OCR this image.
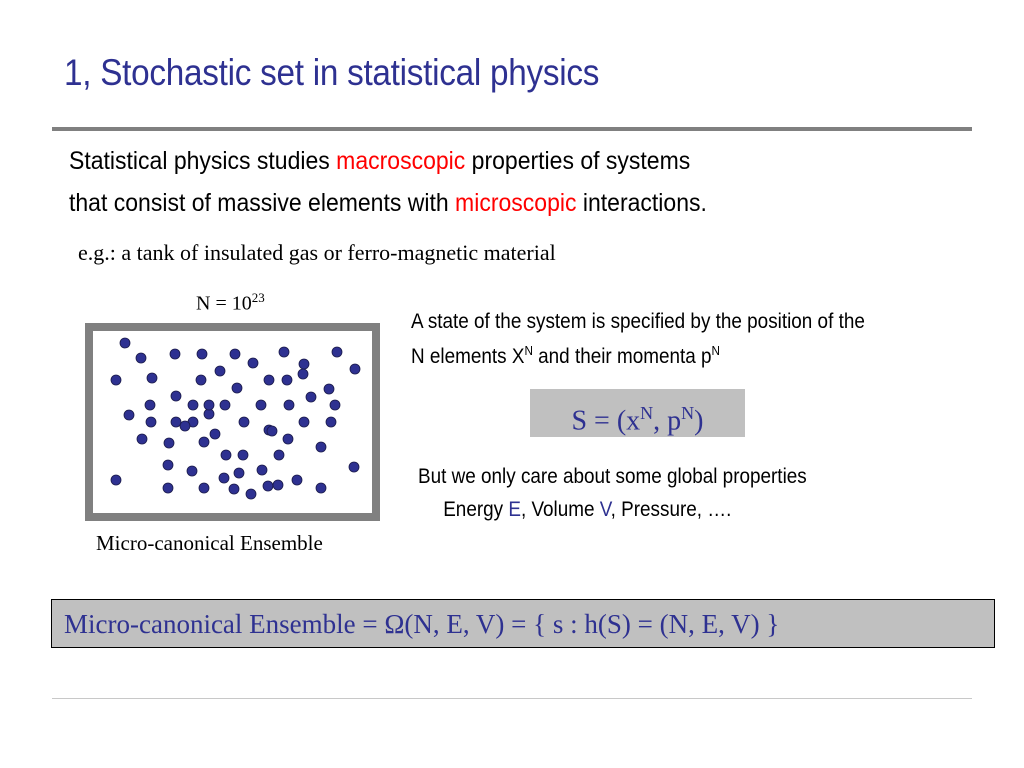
1, Stochastic set in statistical physics
Statistical physics studies macroscopic properties of systems
that consist of massive elements with microscopic interactions.
e.g.: a tank of insulated gas or ferro-magnetic material
$N = 10^{23}$
Micro-canonical Ensemble
A state of the system is specified by the position of the
N elements $X^N$ and their momenta $p^N$
$S = (x^N$, $p^N$)
But we only care about some global properties
Energy E, Volume V, Pressure, ….
Micro-canonical Ensemble = Ω(N, E, V) = { s : h(S) = (N, E, V) }
